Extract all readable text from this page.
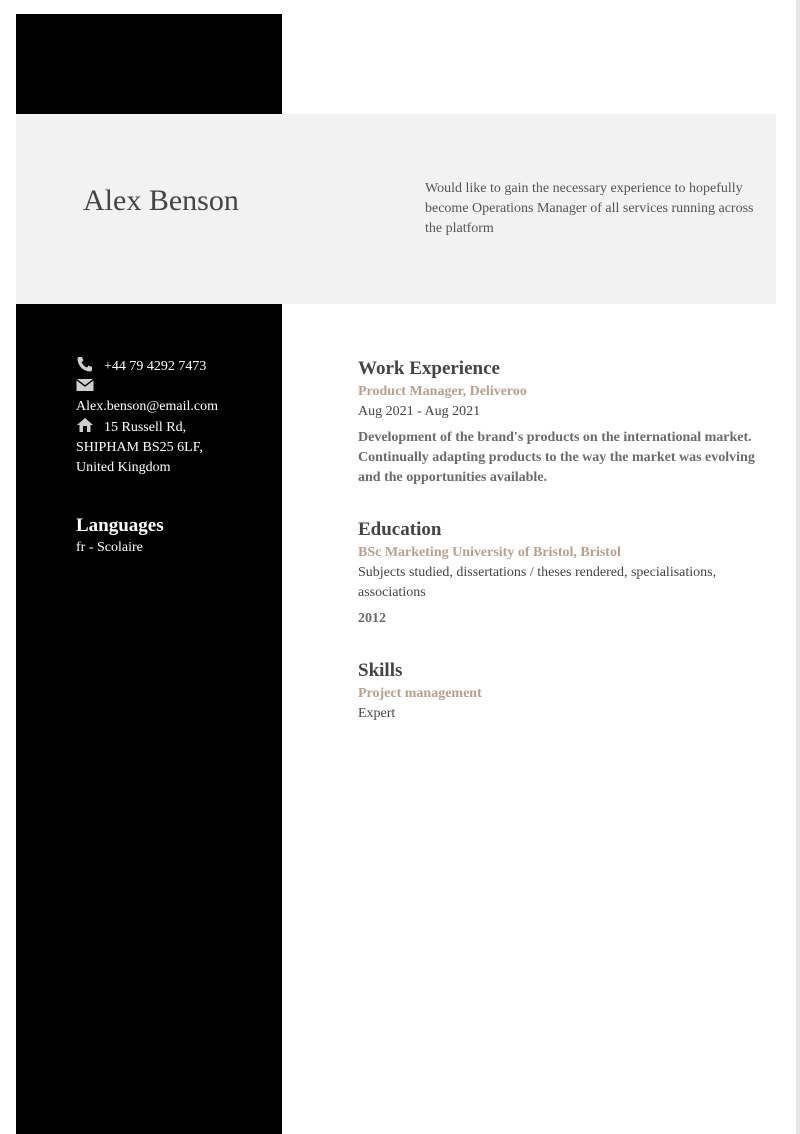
Alex Benson	Would like to gain the necessary experience to hopefully become Operations Manager of all services running across the platform
+44 79 4292 7473
Alex.benson@email.com
15 Russell Rd,
SHIPHAM BS25 6LF,
United Kingdom
Languages
fr - Scolaire
Work Experience
Product Manager, Deliveroo
Aug 2021 - Aug 2021
Development of the brand's products on the international market. Continually adapting products to the way the market was evolving and the opportunities available.
Education
BSc Marketing University of Bristol, Bristol
Subjects studied, dissertations / theses rendered, specialisations, associations
2012
Skills
Project management
Expert
